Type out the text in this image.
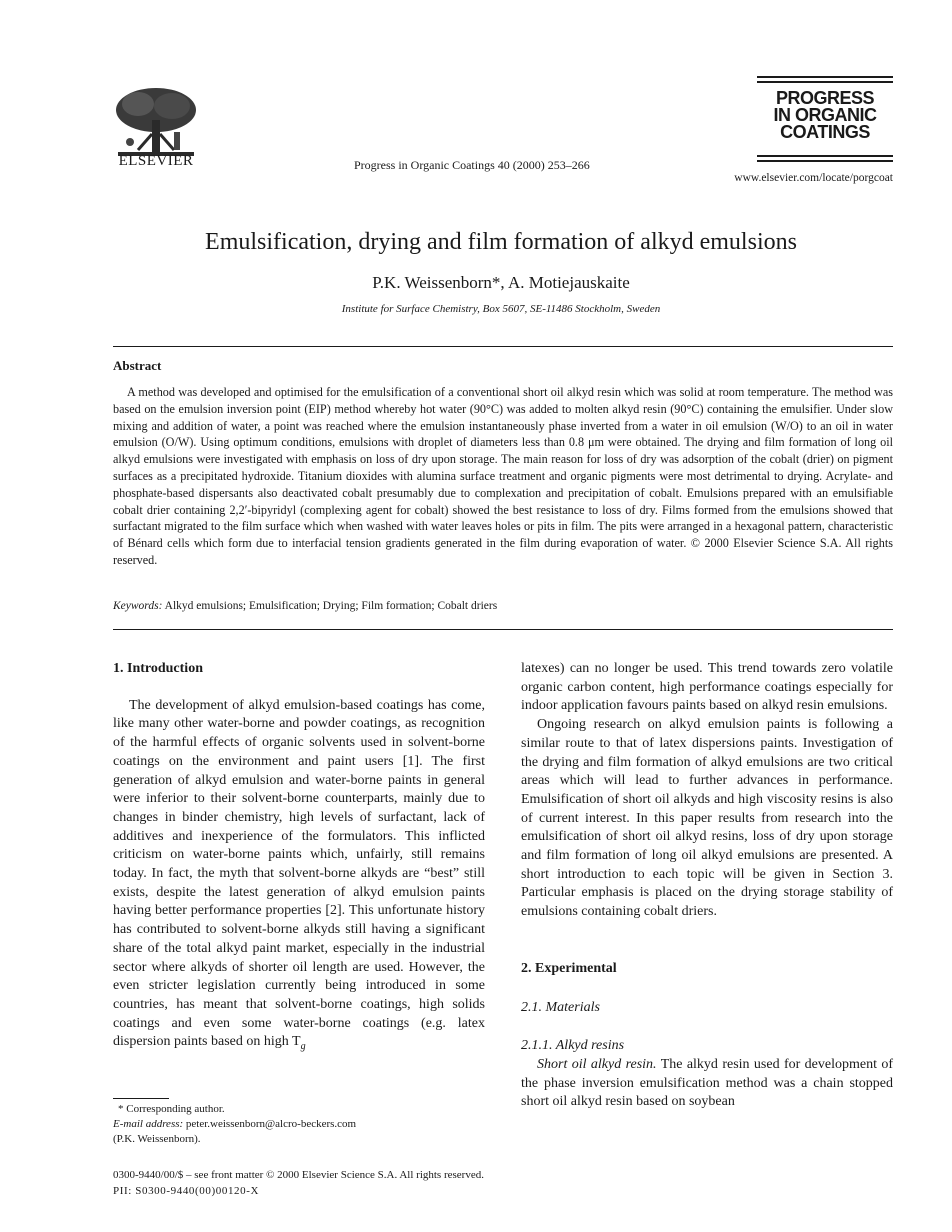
ELSEVIER	Progress in Organic Coatings 40 (2000) 253–266
PROGRESS
IN ORGANIC
COATINGS
www.elsevier.com/locate/porgcoat
Emulsification, drying and film formation of alkyd emulsions
P.K. Weissenborn*, A. Motiejauskaite
Institute for Surface Chemistry, Box 5607, SE-11486 Stockholm, Sweden
Abstract
A method was developed and optimised for the emulsification of a conventional short oil alkyd resin which was solid at room temperature. The method was based on the emulsion inversion point (EIP) method whereby hot water (90°C) was added to molten alkyd resin (90°C) containing the emulsifier. Under slow mixing and addition of water, a point was reached where the emulsion instantaneously phase inverted from a water in oil emulsion (W/O) to an oil in water emulsion (O/W). Using optimum conditions, emulsions with droplet of diameters less than 0.8 μm were obtained. The drying and film formation of long oil alkyd emulsions were investigated with emphasis on loss of dry upon storage. The main reason for loss of dry was adsorption of the cobalt (drier) on pigment surfaces as a precipitated hydroxide. Titanium dioxides with alumina surface treatment and organic pigments were most detrimental to drying. Acrylate- and phosphate-based dispersants also deactivated cobalt presumably due to complexation and precipitation of cobalt. Emulsions prepared with an emulsifiable cobalt drier containing 2,2′-bipyridyl (complexing agent for cobalt) showed the best resistance to loss of dry. Films formed from the emulsions showed that surfactant migrated to the film surface which when washed with water leaves holes or pits in film. The pits were arranged in a hexagonal pattern, characteristic of Bénard cells which form due to interfacial tension gradients generated in the film during evaporation of water. © 2000 Elsevier Science S.A. All rights reserved.
Keywords: Alkyd emulsions; Emulsification; Drying; Film formation; Cobalt driers

1. Introduction

The development of alkyd emulsion-based coatings has come, like many other water-borne and powder coatings, as recognition of the harmful effects of organic solvents used in solvent-borne coatings on the environment and paint users [1]. The first generation of alkyd emulsion and water-borne paints in general were inferior to their solvent-borne counterparts, mainly due to changes in binder chemistry, high levels of surfactant, lack of additives and inexperience of the formulators. This inflicted criticism on water-borne paints which, unfairly, still remains today. In fact, the myth that solvent-borne alkyds are “best” still exists, despite the latest generation of alkyd emulsion paints having better performance properties [2]. This unfortunate history has contributed to solvent-borne alkyds still having a significant share of the total alkyd paint market, especially in the industrial sector where alkyds of shorter oil length are used. However, the even stricter legislation currently being introduced in some countries, has meant that solvent-borne coatings, high solids coatings and even some water-borne coatings (e.g. latex dispersion paints based on high $T_g$

latexes) can no longer be used. This trend towards zero volatile organic carbon content, high performance coatings especially for indoor application favours paints based on alkyd resin emulsions.

Ongoing research on alkyd emulsion paints is following a similar route to that of latex dispersions paints. Investigation of the drying and film formation of alkyd emulsions are two critical areas which will lead to further advances in performance. Emulsification of short oil alkyds and high viscosity resins is also of current interest. In this paper results from research into the emulsification of short oil alkyd resins, loss of dry upon storage and film formation of long oil alkyd emulsions are presented. A short introduction to each topic will be given in Section 3. Particular emphasis is placed on the drying storage stability of emulsions containing cobalt driers.

2. Experimental

2.1. Materials

2.1.1. Alkyd resins

Short oil alkyd resin. The alkyd resin used for development of the phase inversion emulsification method was a chain stopped short oil alkyd resin based on soybean

* Corresponding author.
E-mail address: peter.weissenborn@alcro-beckers.com
(P.K. Weissenborn).
0300-9440/00/$ – see front matter © 2000 Elsevier Science S.A. All rights reserved.
PII: S0300-9440(00)00120-X
